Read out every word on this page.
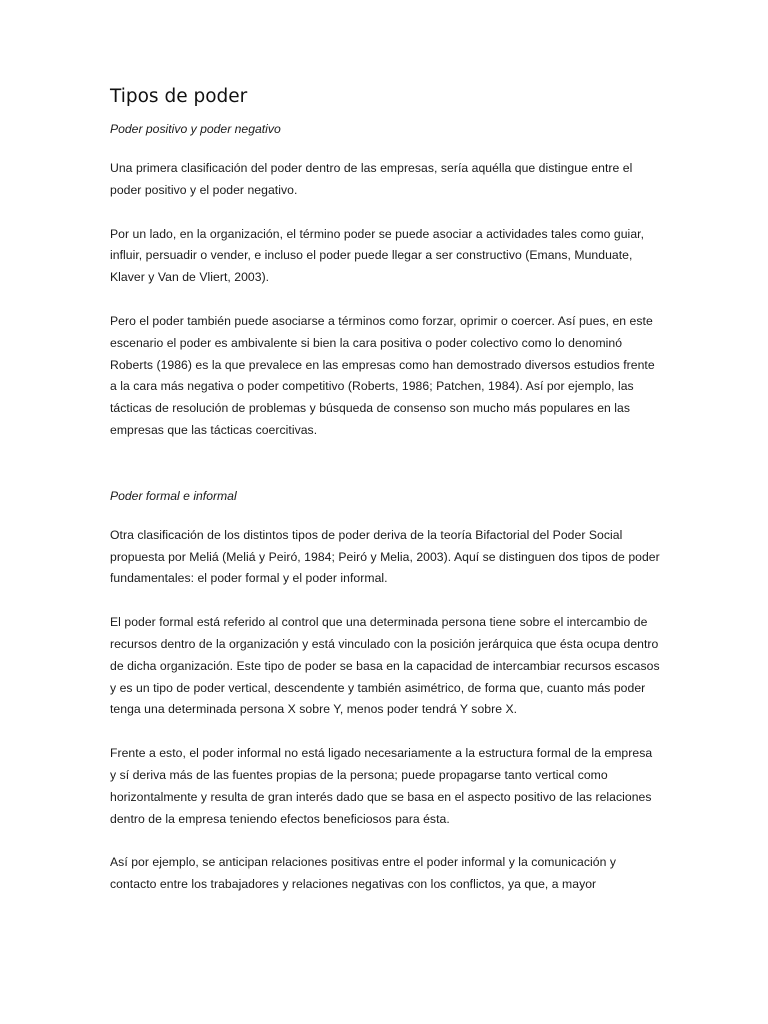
Tipos de poder

Poder positivo y poder negativo

Una primera clasificación del poder dentro de las empresas, sería aquélla que distingue entre el
poder positivo y el poder negativo.
Por un lado, en la organización, el término poder se puede asociar a actividades tales como guiar,
influir, persuadir o vender, e incluso el poder puede llegar a ser constructivo (Emans, Munduate,
Klaver y Van de Vliert, 2003).
Pero el poder también puede asociarse a términos como forzar, oprimir o coercer. Así pues, en este
escenario el poder es ambivalente si bien la cara positiva o poder colectivo como lo denominó
Roberts (1986) es la que prevalece en las empresas como han demostrado diversos estudios frente
a la cara más negativa o poder competitivo (Roberts, 1986; Patchen, 1984). Así por ejemplo, las
tácticas de resolución de problemas y búsqueda de consenso son mucho más populares en las
empresas que las tácticas coercitivas.

Poder formal e informal

Otra clasificación de los distintos tipos de poder deriva de la teoría Bifactorial del Poder Social
propuesta por Meliá (Meliá y Peiró, 1984; Peiró y Melia, 2003). Aquí se distinguen dos tipos de poder
fundamentales: el poder formal y el poder informal.
El poder formal está referido al control que una determinada persona tiene sobre el intercambio de
recursos dentro de la organización y está vinculado con la posición jerárquica que ésta ocupa dentro
de dicha organización. Este tipo de poder se basa en la capacidad de intercambiar recursos escasos
y es un tipo de poder vertical, descendente y también asimétrico, de forma que, cuanto más poder
tenga una determinada persona X sobre Y, menos poder tendrá Y sobre X.
Frente a esto, el poder informal no está ligado necesariamente a la estructura formal de la empresa
y sí deriva más de las fuentes propias de la persona; puede propagarse tanto vertical como
horizontalmente y resulta de gran interés dado que se basa en el aspecto positivo de las relaciones
dentro de la empresa teniendo efectos beneficiosos para ésta.
Así por ejemplo, se anticipan relaciones positivas entre el poder informal y la comunicación y
contacto entre los trabajadores y relaciones negativas con los conflictos, ya que, a mayor
